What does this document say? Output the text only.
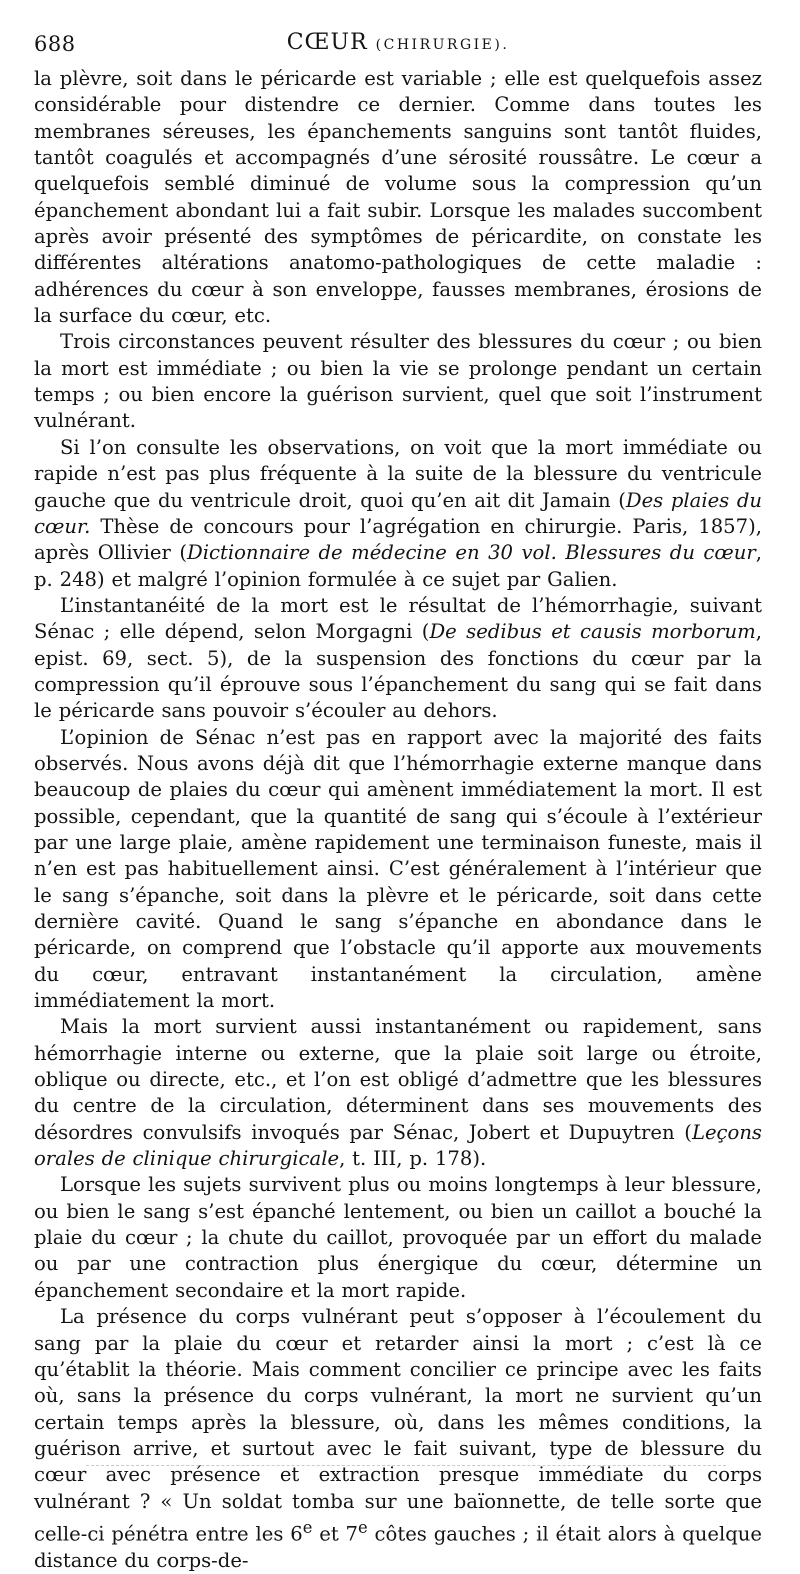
688	CŒUR (CHIRURGIE).

la plèvre, soit dans le péricarde est variable ; elle est quelquefois assez considérable pour distendre ce dernier. Comme dans toutes les membranes séreuses, les épanchements sanguins sont tantôt fluides, tantôt coagulés et accompagnés d’une sérosité roussâtre. Le cœur a quelquefois semblé diminué de volume sous la compression qu’un épanchement abondant lui a fait subir. Lorsque les malades succombent après avoir présenté des symptômes de péricardite, on constate les différentes altérations anatomo-pathologiques de cette maladie : adhérences du cœur à son enveloppe, fausses membranes, érosions de la surface du cœur, etc.

Trois circonstances peuvent résulter des blessures du cœur ; ou bien la mort est immédiate ; ou bien la vie se prolonge pendant un certain temps ; ou bien encore la guérison survient, quel que soit l’instrument vulnérant.

Si l’on consulte les observations, on voit que la mort immédiate ou rapide n’est pas plus fréquente à la suite de la blessure du ventricule gauche que du ventricule droit, quoi qu’en ait dit Jamain (Des plaies du cœur. Thèse de concours pour l’agrégation en chirurgie. Paris, 1857), après Ollivier (Dictionnaire de médecine en 30 vol. Blessures du cœur, p. 248) et malgré l’opinion formulée à ce sujet par Galien.

L’instantanéité de la mort est le résultat de l’hémorrhagie, suivant Sénac ; elle dépend, selon Morgagni (De sedibus et causis morborum, epist. 69, sect. 5), de la suspension des fonctions du cœur par la compression qu’il éprouve sous l’épanchement du sang qui se fait dans le péricarde sans pouvoir s’écouler au dehors.

L’opinion de Sénac n’est pas en rapport avec la majorité des faits observés. Nous avons déjà dit que l’hémorrhagie externe manque dans beaucoup de plaies du cœur qui amènent immédiatement la mort. Il est possible, cependant, que la quantité de sang qui s’écoule à l’extérieur par une large plaie, amène rapidement une terminaison funeste, mais il n’en est pas habituellement ainsi. C’est généralement à l’intérieur que le sang s’épanche, soit dans la plèvre et le péricarde, soit dans cette dernière cavité. Quand le sang s’épanche en abondance dans le péricarde, on comprend que l’obstacle qu’il apporte aux mouvements du cœur, entravant instantanément la circulation, amène immédiatement la mort.

Mais la mort survient aussi instantanément ou rapidement, sans hémorrhagie interne ou externe, que la plaie soit large ou étroite, oblique ou directe, etc., et l’on est obligé d’admettre que les blessures du centre de la circulation, déterminent dans ses mouvements des désordres convulsifs invoqués par Sénac, Jobert et Dupuytren (Leçons orales de clinique chirurgicale, t. III, p. 178).

Lorsque les sujets survivent plus ou moins longtemps à leur blessure, ou bien le sang s’est épanché lentement, ou bien un caillot a bouché la plaie du cœur ; la chute du caillot, provoquée par un effort du malade ou par une contraction plus énergique du cœur, détermine un épanchement secondaire et la mort rapide.

La présence du corps vulnérant peut s’opposer à l’écoulement du sang par la plaie du cœur et retarder ainsi la mort ; c’est là ce qu’établit la théorie. Mais comment concilier ce principe avec les faits où, sans la présence du corps vulnérant, la mort ne survient qu’un certain temps après la blessure, où, dans les mêmes conditions, la guérison arrive, et surtout avec le fait suivant, type de blessure du cœur avec présence et extraction presque immédiate du corps vulnérant ? « Un soldat tomba sur une baïonnette, de telle sorte que celle-ci pénétra entre les 6e et 7e côtes gauches ; il était alors à quelque distance du corps-de-
